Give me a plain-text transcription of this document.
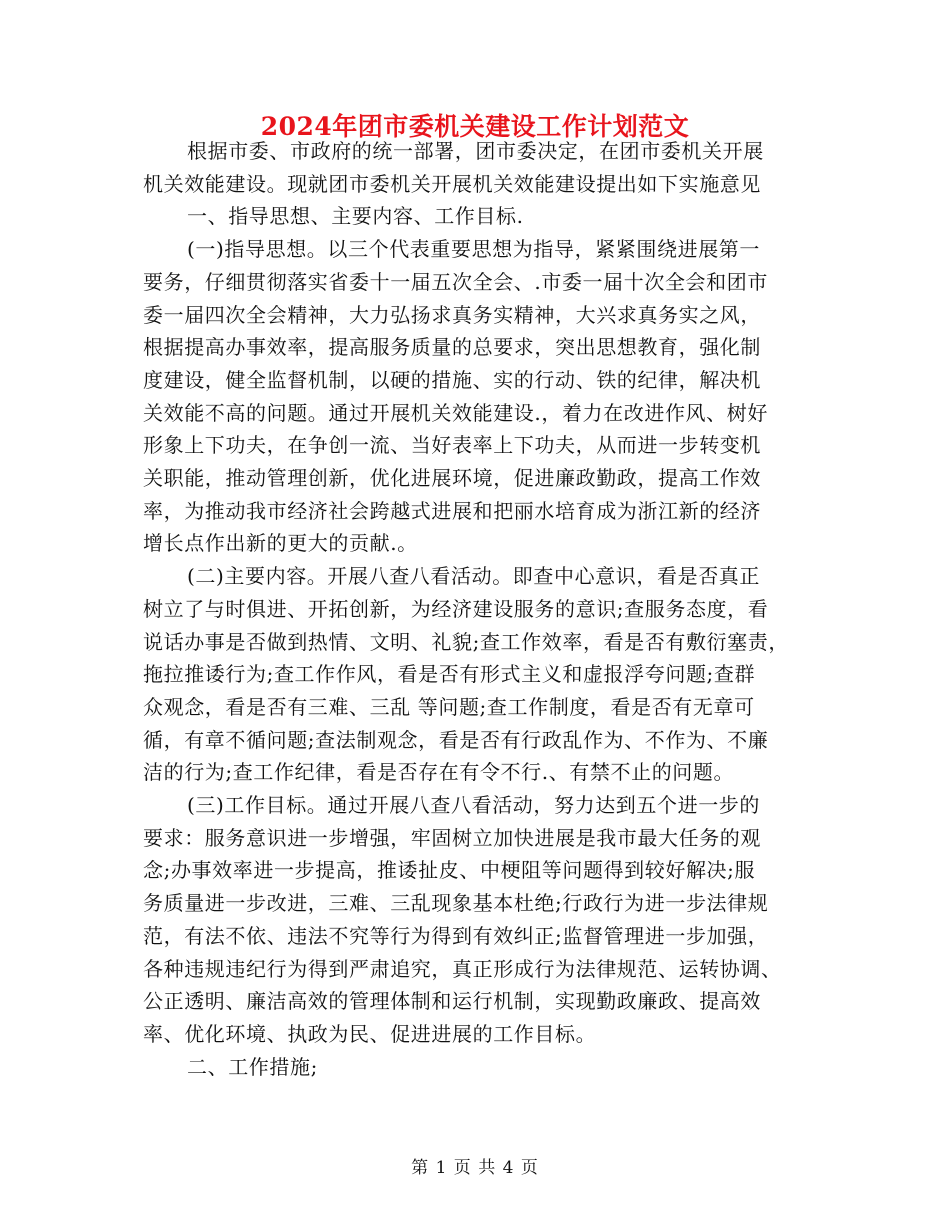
2024年团市委机关建设工作计划范文
根据市委、市政府的统一部署，团市委决定，在团市委机关开展
机关效能建设。现就团市委机关开展机关效能建设提出如下实施意见
一、指导思想、主要内容、工作目标.
(一)指导思想。以三个代表重要思想为指导，紧紧围绕进展第一
要务，仔细贯彻落实省委十一届五次全会、.市委一届十次全会和团市
委一届四次全会精神，大力弘扬求真务实精神，大兴求真务实之风，
根据提高办事效率，提高服务质量的总要求，突出思想教育，强化制
度建设，健全监督机制，以硬的措施、实的行动、铁的纪律，解决机
关效能不高的问题。通过开展机关效能建设.，着力在改进作风、树好
形象上下功夫，在争创一流、当好表率上下功夫，从而进一步转变机
关职能，推动管理创新，优化进展环境，促进廉政勤政，提高工作效
率，为推动我市经济社会跨越式进展和把丽水培育成为浙江新的经济
增长点作出新的更大的贡献.。
(二)主要内容。开展八查八看活动。即查中心意识，看是否真正
树立了与时俱进、开拓创新，为经济建设服务的意识;查服务态度，看
说话办事是否做到热情、文明、礼貌;查工作效率，看是否有敷衍塞责，
拖拉推诿行为;查工作作风，看是否有形式主义和虚报浮夸问题;查群
众观念，看是否有三难、三乱 等问题;查工作制度，看是否有无章可
循，有章不循问题;查法制观念，看是否有行政乱作为、不作为、不廉
洁的行为;查工作纪律，看是否存在有令不行.、有禁不止的问题。
(三)工作目标。通过开展八查八看活动，努力达到五个进一步的
要求：服务意识进一步增强，牢固树立加快进展是我市最大任务的观
念;办事效率进一步提高，推诿扯皮、中梗阻等问题得到较好解决;服
务质量进一步改进，三难、三乱现象基本杜绝;行政行为进一步法律规
范，有法不依、违法不究等行为得到有效纠正;监督管理进一步加强，
各种违规违纪行为得到严肃追究，真正形成行为法律规范、运转协调、
公正透明、廉洁高效的管理体制和运行机制，实现勤政廉政、提高效
率、优化环境、执政为民、促进进展的工作目标。
二、工作措施;
第 1 页 共 4 页
